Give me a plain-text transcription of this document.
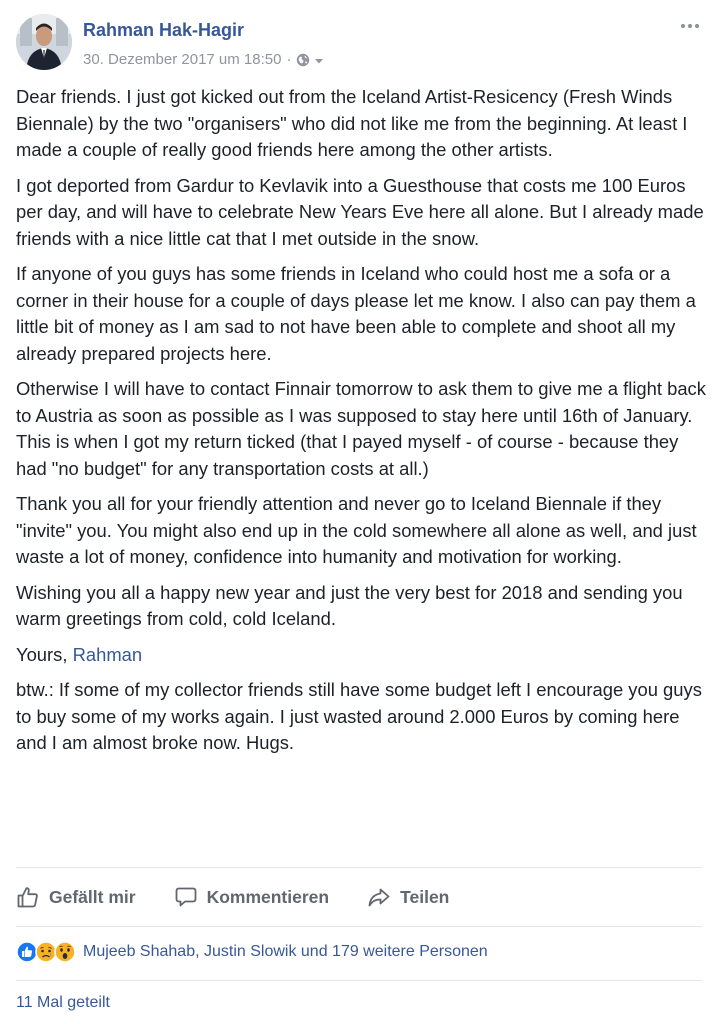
Rahman Hak-Hagir
30. Dezember 2017 um 18:50 ·

Dear friends. I just got kicked out from the Iceland Artist-Resicency (Fresh Winds Biennale) by the two "organisers" who did not like me from the beginning. At least I made a couple of really good friends here among the other artists.

I got deported from Gardur to Kevlavik into a Guesthouse that costs me 100 Euros per day, and will have to celebrate New Years Eve here all alone. But I already made friends with a nice little cat that I met outside in the snow.

If anyone of you guys has some friends in Iceland who could host me a sofa or a corner in their house for a couple of days please let me know. I also can pay them a little bit of money as I am sad to not have been able to complete and shoot all my already prepared projects here.

Otherwise I will have to contact Finnair tomorrow to ask them to give me a flight back to Austria as soon as possible as I was supposed to stay here until 16th of January. This is when I got my return ticked (that I payed myself - of course - because they had "no budget" for any transportation costs at all.)

Thank you all for your friendly attention and never go to Iceland Biennale if they "invite" you. You might also end up in the cold somewhere all alone as well, and just waste a lot of money, confidence into humanity and motivation for working.

Wishing you all a happy new year and just the very best for 2018 and sending you warm greetings from cold, cold Iceland.

Yours, Rahman

btw.: If some of my collector friends still have some budget left I encourage you guys to buy some of my works again. I just wasted around 2.000 Euros by coming here and I am almost broke now. Hugs.

Gefällt mir	Kommentieren	Teilen
Mujeeb Shahab, Justin Slowik und 179 weitere Personen
11 Mal geteilt
